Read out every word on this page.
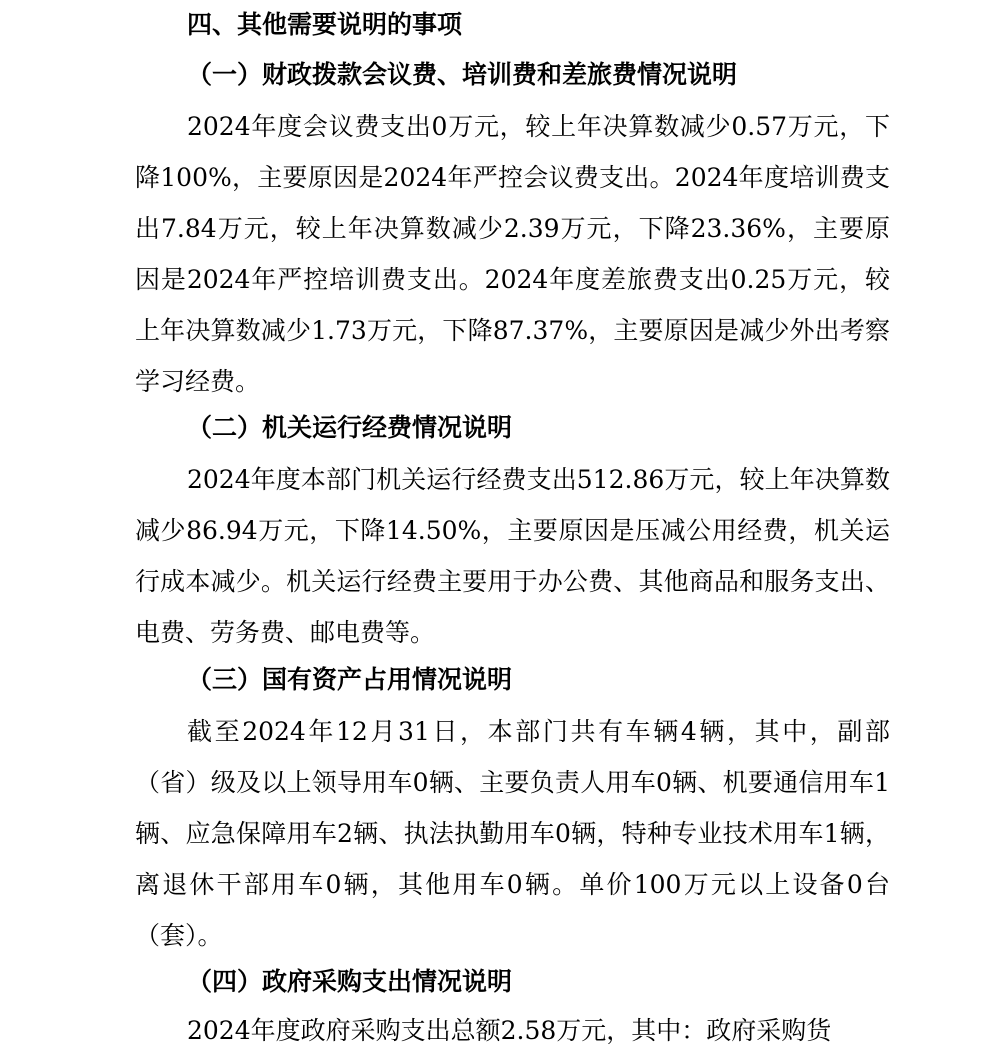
四、其他需要说明的事项
（一）财政拨款会议费、培训费和差旅费情况说明

2024年度会议费支出0万元，较上年决算数减少0.57万元，下降100%，主要原因是2024年严控会议费支出。2024年度培训费支出7.84万元，较上年决算数减少2.39万元，下降23.36%，主要原因是2024年严控培训费支出。2024年度差旅费支出0.25万元，较上年决算数减少1.73万元，下降87.37%，主要原因是减少外出考察学习经费。

（二）机关运行经费情况说明

2024年度本部门机关运行经费支出512.86万元，较上年决算数减少86.94万元，下降14.50%，主要原因是压减公用经费，机关运行成本减少。机关运行经费主要用于办公费、其他商品和服务支出、电费、劳务费、邮电费等。

（三）国有资产占用情况说明

截至2024年12月31日，本部门共有车辆4辆，其中，副部（省）级及以上领导用车0辆、主要负责人用车0辆、机要通信用车1辆、应急保障用车2辆、执法执勤用车0辆，特种专业技术用车1辆，离退休干部用车0辆，其他用车0辆。单价100万元以上设备0台（套）。

（四）政府采购支出情况说明

2024年度政府采购支出总额2.58万元，其中：政府采购货
